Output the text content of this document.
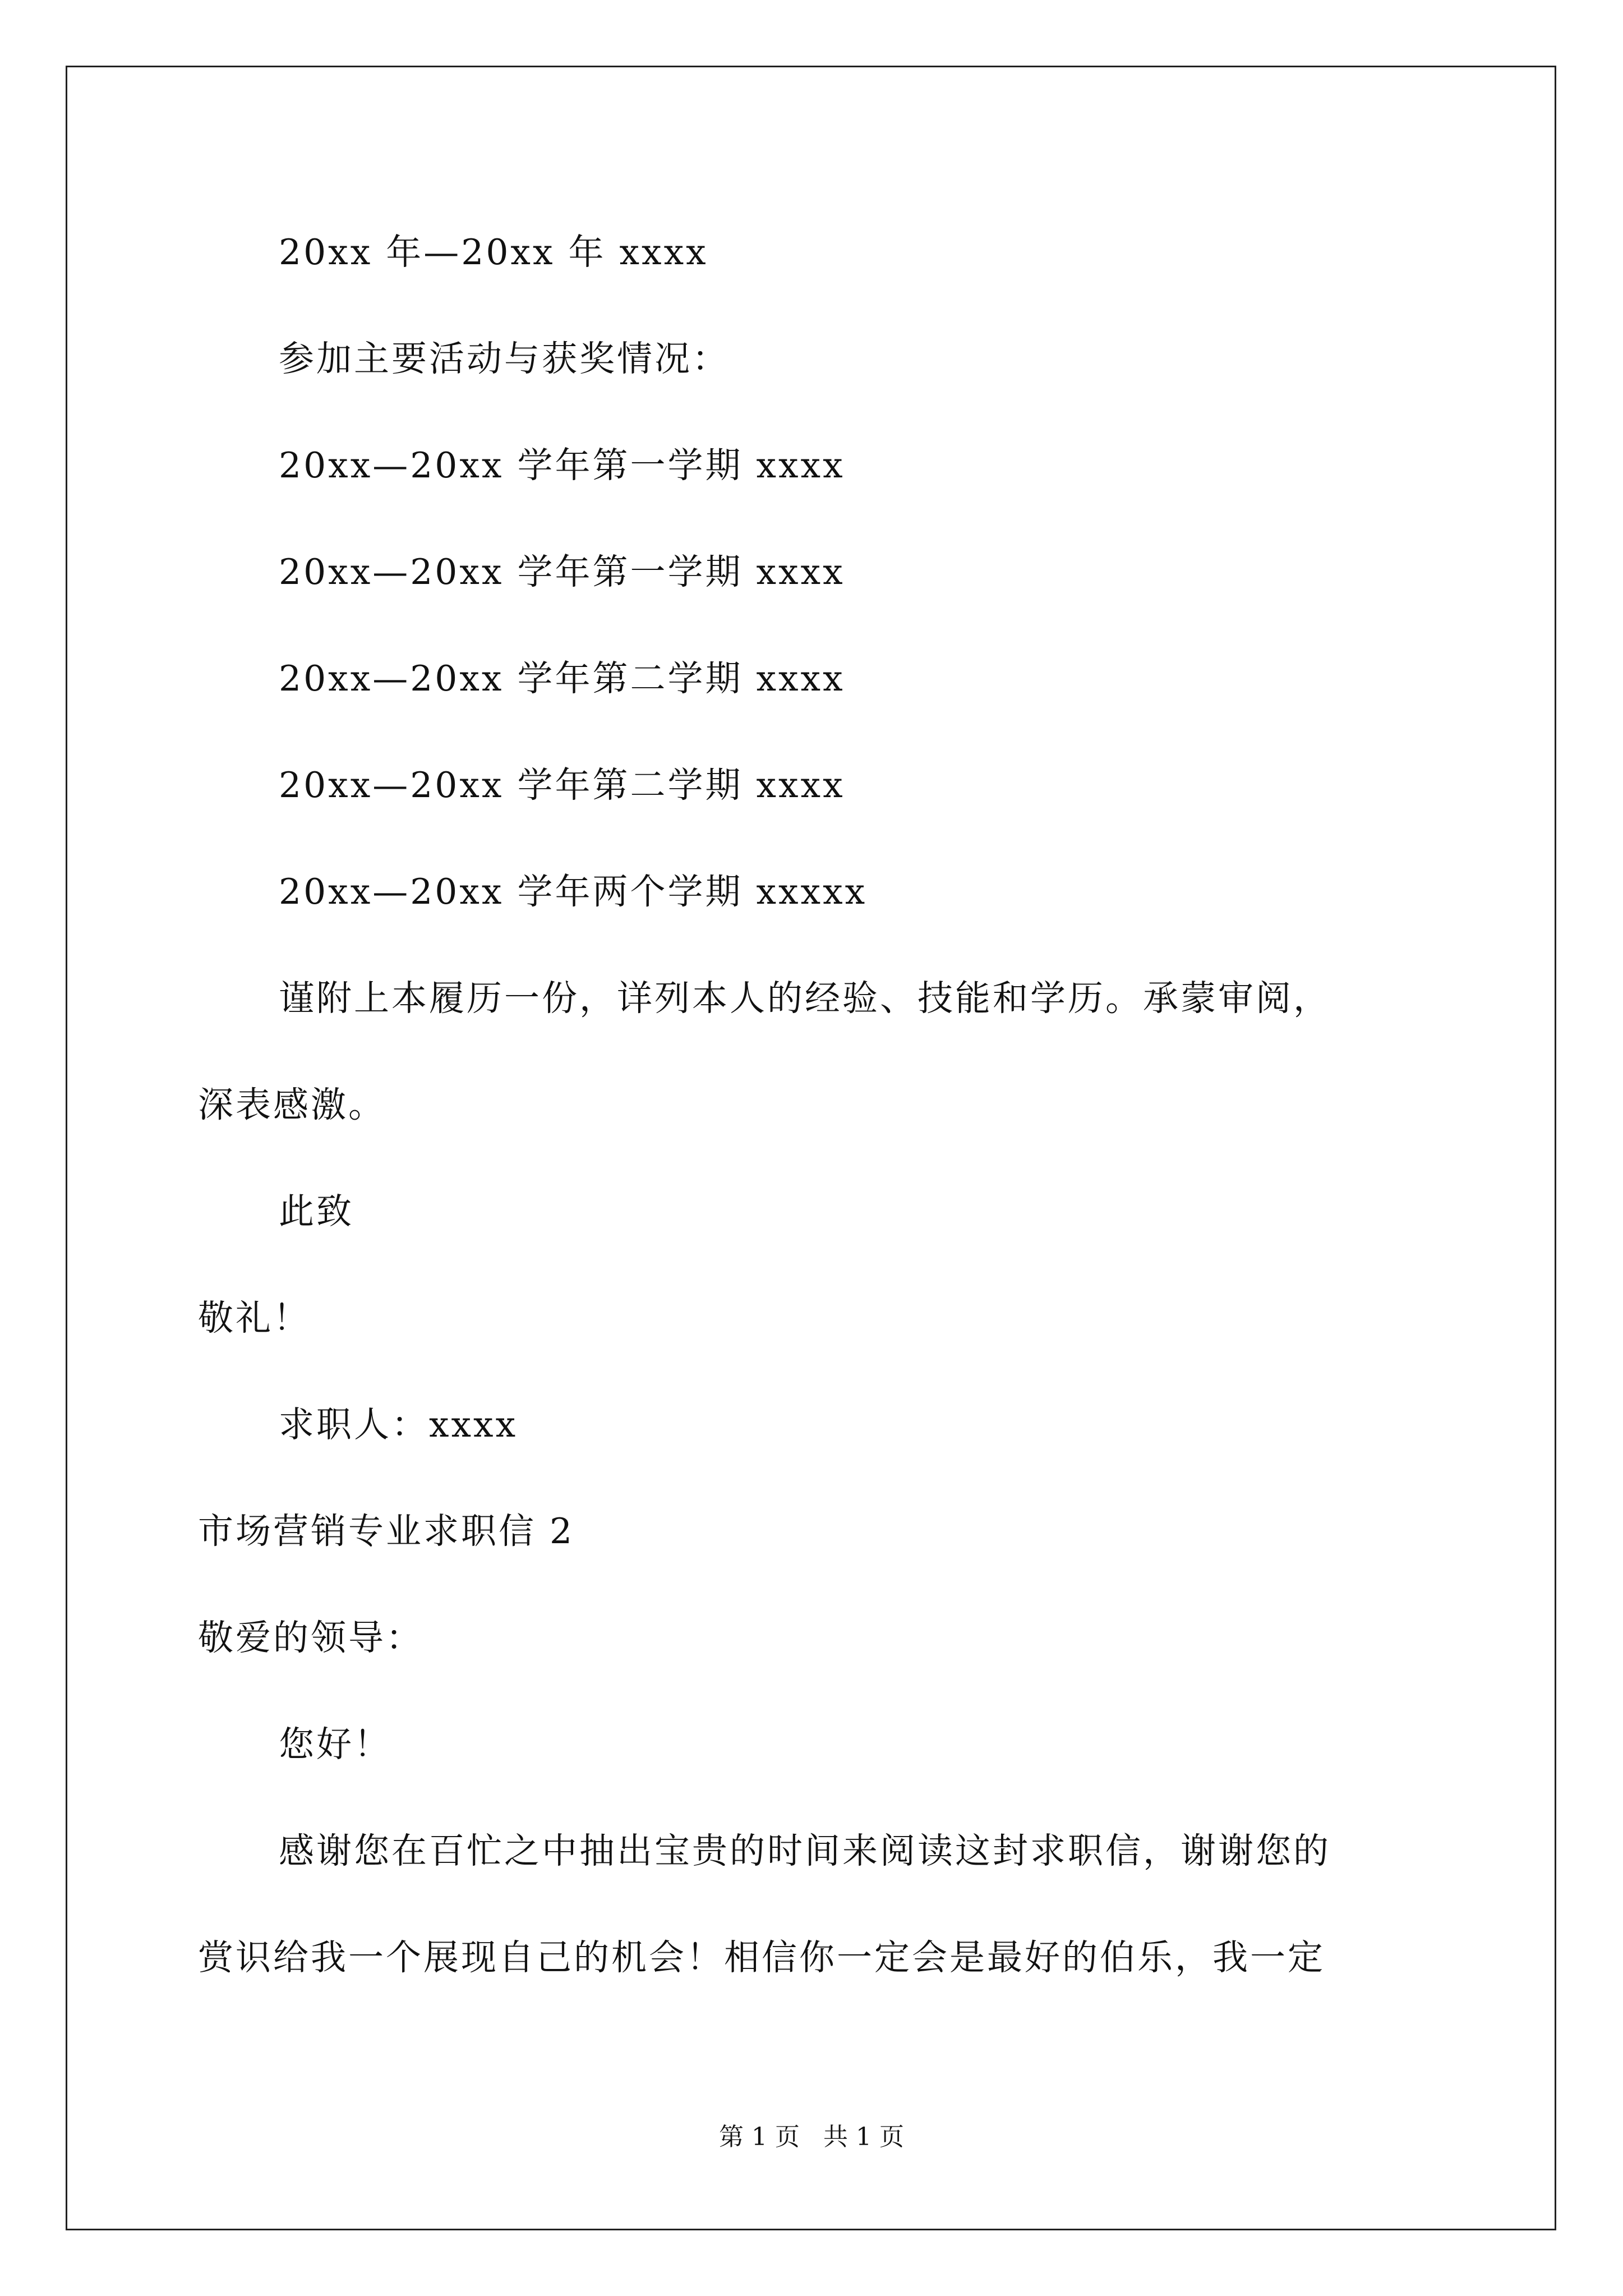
20xx 年—20xx 年 xxxx
参加主要活动与获奖情况：
20xx—20xx 学年第一学期 xxxx
20xx—20xx 学年第一学期 xxxx
20xx—20xx 学年第二学期 xxxx
20xx—20xx 学年第二学期 xxxx
20xx—20xx 学年两个学期 xxxxx
谨附上本履历一份，详列本人的经验、技能和学历。承蒙审阅，
深表感激。
此致
敬礼！
求职人：xxxx
市场营销专业求职信 2
敬爱的领导：
您好！
感谢您在百忙之中抽出宝贵的时间来阅读这封求职信，谢谢您的
赏识给我一个展现自己的机会！相信你一定会是最好的伯乐，我一定
第 1 页   共 1 页
